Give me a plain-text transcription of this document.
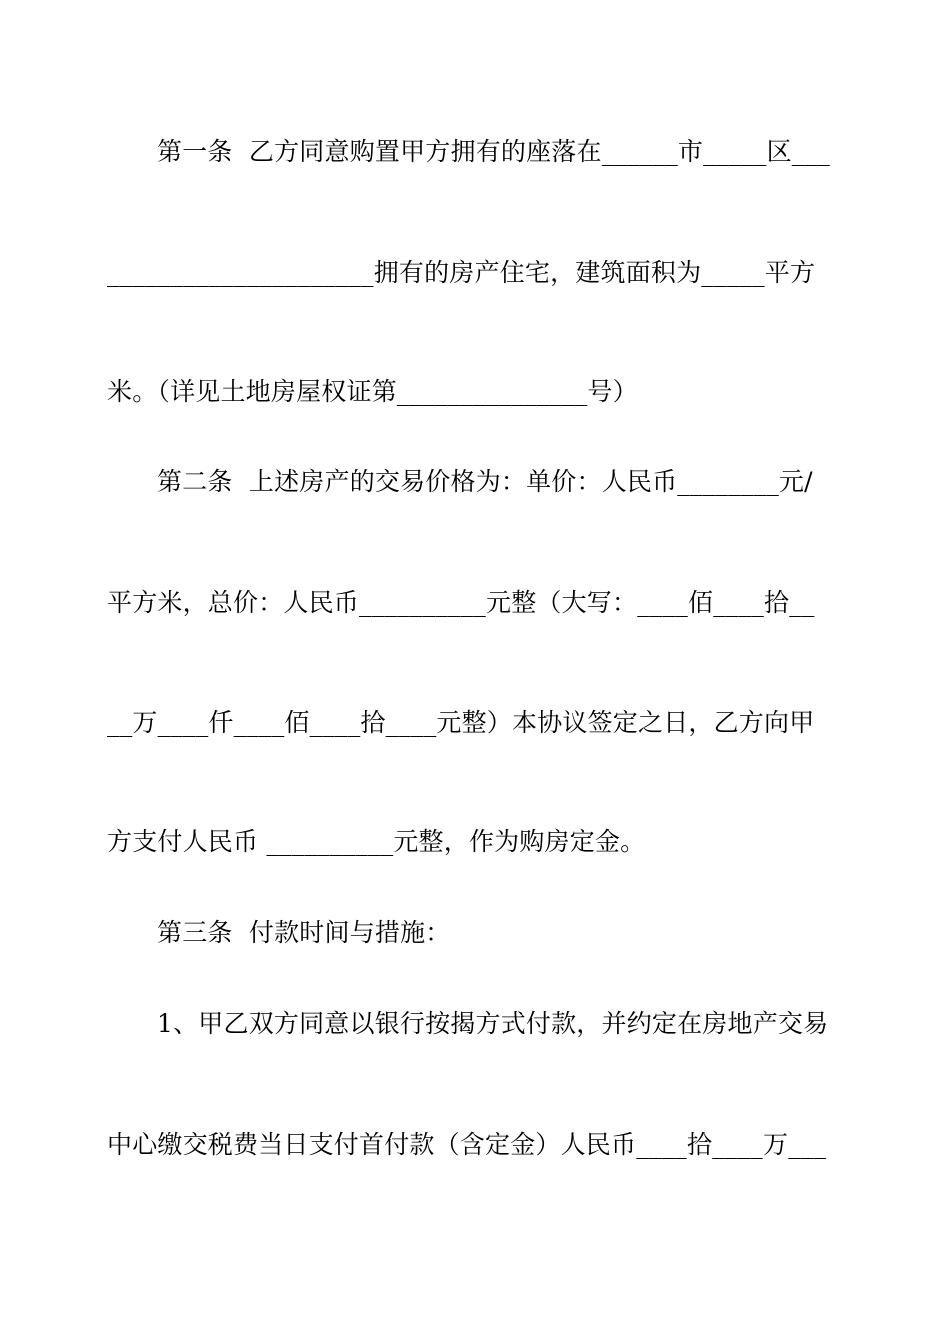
第一条  乙方同意购置甲方拥有的座落在______市_____区___
_____________________拥有的房产住宅，建筑面积为_____平方
米。（详见土地房屋权证第_______________号）
第二条  上述房产的交易价格为：单价：人民币________元/
平方米，总价：人民币__________元整（大写：____佰____拾__
__万____仟____佰____拾____元整）本协议签定之日，乙方向甲
方支付人民币 __________元整，作为购房定金。
第三条  付款时间与措施：
1、甲乙双方同意以银行按揭方式付款，并约定在房地产交易
中心缴交税费当日支付首付款（含定金）人民币____拾____万___
